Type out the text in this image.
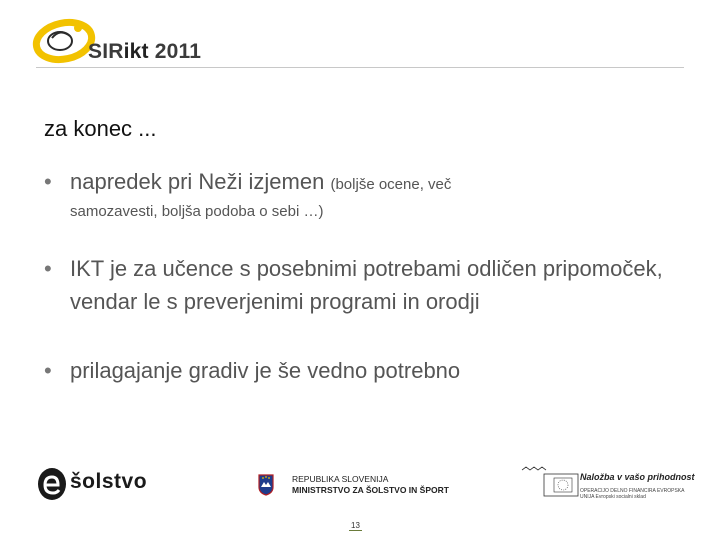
SIRikt 2011
za konec ...
• napredek pri Neži izjemen (boljše ocene, več
samozavesti, boljša podoba o sebi …)
• IKT je za učence s posebnimi potrebami odličen pripomoček, vendar le s preverjenimi programi in orodji
• prilagajanje gradiv je še vedno potrebno
šolstvo	REPUBLIKA SLOVENIJA
MINISTRSTVO ZA ŠOLSTVO IN ŠPORT
Naložba v vašo prihodnost
OPERACIJO DELNO FINANCIRA EVROPSKA UNIJA Evropski socialni sklad
13
